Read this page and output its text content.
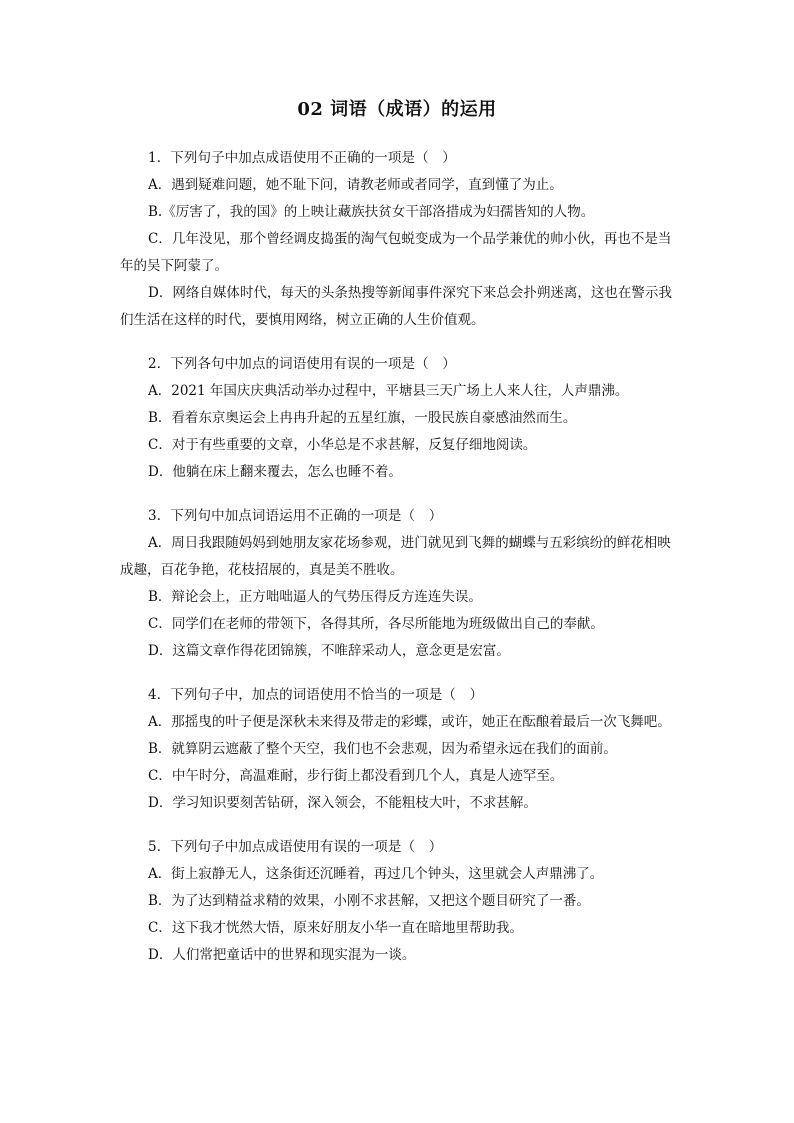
02 词语（成语）的运用

1．下列句子中加点成语使用不正确的一项是（　）

A．遇到疑难问题，她不耻下问，请教老师或者同学，直到懂了为止。

B.《厉害了，我的国》的上映让藏族扶贫女干部洛措成为妇孺皆知的人物。

C．几年没见，那个曾经调皮捣蛋的淘气包蜕变成为一个品学兼优的帅小伙，再也不是当年的吴下阿蒙了。

D．网络自媒体时代，每天的头条热搜等新闻事件深究下来总会扑朔迷离，这也在警示我们生活在这样的时代，要慎用网络，树立正确的人生价值观。

2．下列各句中加点的词语使用有误的一项是（　）

A．2021 年国庆庆典活动举办过程中，平塘县三天广场上人来人往，人声鼎沸。

B．看着东京奥运会上冉冉升起的五星红旗，一股民族自豪感油然而生。

C．对于有些重要的文章，小华总是不求甚解，反复仔细地阅读。

D．他躺在床上翻来覆去，怎么也睡不着。

3．下列句中加点词语运用不正确的一项是（　）

A．周日我跟随妈妈到她朋友家花场参观，进门就见到飞舞的蝴蝶与五彩缤纷的鲜花相映成趣，百花争艳，花枝招展的，真是美不胜收。

B．辩论会上，正方咄咄逼人的气势压得反方连连失误。

C．同学们在老师的带领下，各得其所，各尽所能地为班级做出自己的奉献。

D．这篇文章作得花团锦簇，不唯辞采动人，意念更是宏富。

4．下列句子中，加点的词语使用不恰当的一项是（　）

A．那摇曳的叶子便是深秋未来得及带走的彩蝶，或许，她正在酝酿着最后一次飞舞吧。

B．就算阴云遮蔽了整个天空，我们也不会悲观，因为希望永远在我们的面前。

C．中午时分，高温难耐，步行街上都没看到几个人，真是人迹罕至。

D．学习知识要刻苦钻研，深入领会，不能粗枝大叶，不求甚解。

5．下列句子中加点成语使用有误的一项是（　）

A．街上寂静无人，这条街还沉睡着，再过几个钟头，这里就会人声鼎沸了。

B．为了达到精益求精的效果，小刚不求甚解，又把这个题目研究了一番。

C．这下我才恍然大悟，原来好朋友小华一直在暗地里帮助我。

D．人们常把童话中的世界和现实混为一谈。
